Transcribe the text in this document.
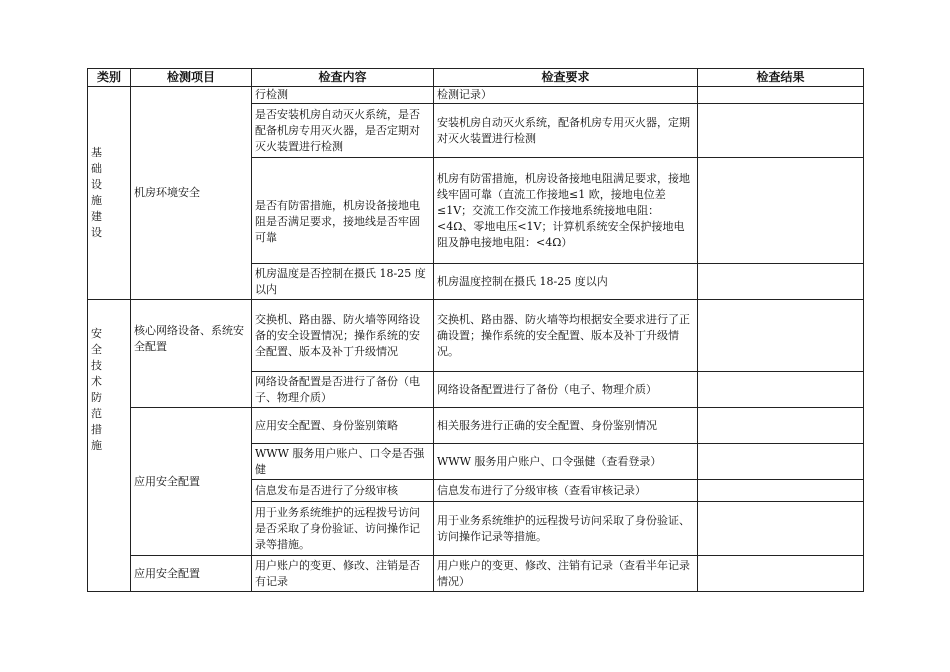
类别	检测项目	检查内容	检查要求	检查结果
基础设施建设	机房环境安全	行检测	检测记录）	
		是否安装机房自动灭火系统，是否配备机房专用灭火器，是否定期对灭火装置进行检测	安装机房自动灭火系统，配备机房专用灭火器，定期对灭火装置进行检测	

		是否有防雷措施，机房设备接地电阻是否满足要求，接地线是否牢固可靠	机房有防雷措施，机房设备接地电阻满足要求，接地线牢固可靠（直流工作接地≤1 欧，接地电位差≤1V；交流工作交流工作接地系统接地电阻：<4Ω、零地电压<1V；计算机系统安全保护接地电阻及静电接地电阻：<4Ω）	
		机房温度是否控制在摄氏 18-25 度以内	机房温度控制在摄氏 18-25 度以内	
安全技术防范措施	核心网络设备、系统安全配置	交换机、路由器、防火墙等网络设备的安全设置情况；操作系统的安全配置、版本及补丁升级情况	交换机、路由器、防火墙等均根据安全要求进行了正确设置；操作系统的安全配置、版本及补丁升级情况。	
		网络设备配置是否进行了备份（电子、物理介质）	网络设备配置进行了备份（电子、物理介质）	
	应用安全配置	应用安全配置、身份鉴别策略	相关服务进行正确的安全配置、身份鉴别情况	
		WWW 服务用户账户、口令是否强健	WWW 服务用户账户、口令强健（查看登录）	
		信息发布是否进行了分级审核	信息发布进行了分级审核（查看审核记录）	
		用于业务系统维护的远程拨号访问是否采取了身份验证、访问操作记录等措施。	用于业务系统维护的远程拨号访问采取了身份验证、访问操作记录等措施。	
	应用安全配置	用户账户的变更、修改、注销是否有记录	用户账户的变更、修改、注销有记录（查看半年记录情况）	
